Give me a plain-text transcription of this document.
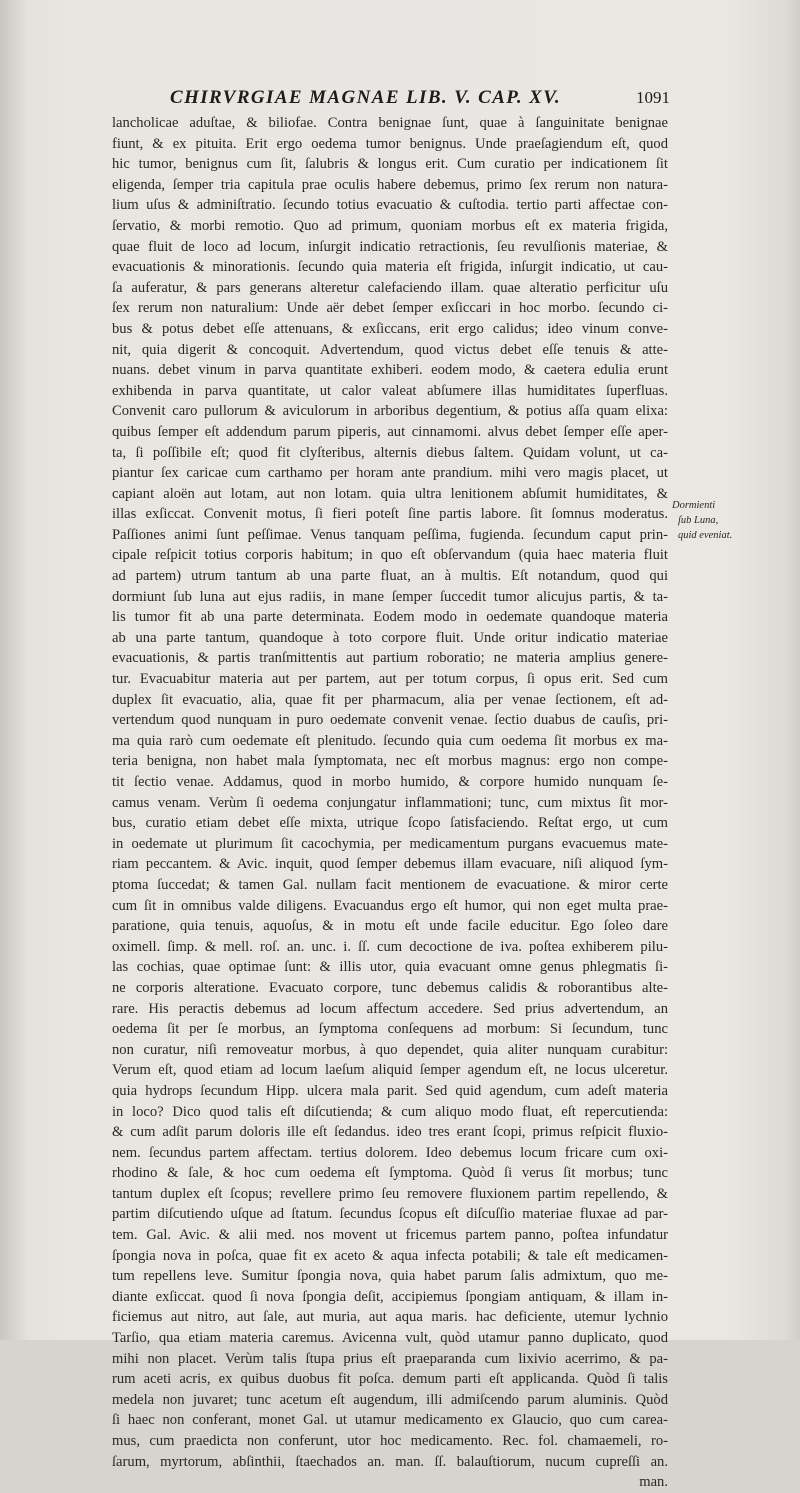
CHIRVRGIAE MAGNAE LIB. V. CAP. XV.	1091
lancholicae aduſtae, & biliofae. Contra benignae ſunt, quae à ſanguinitate benignae
fiunt, & ex pituita. Erit ergo oedema tumor benignus. Unde praeſagiendum eſt, quod
hic tumor, benignus cum ſit, ſalubris & longus erit. Cum curatio per indicationem ſit
eligenda, ſemper tria capitula prae oculis habere debemus, primo ſex rerum non natura-
lium uſus & adminiſtratio. ſecundo totius evacuatio & cuſtodia. tertio parti affectae con-
ſervatio, & morbi remotio. Quo ad primum, quoniam morbus eſt ex materia frigida,
quae fluit de loco ad locum, inſurgit indicatio retractionis, ſeu revulſionis materiae, &
evacuationis & minorationis. ſecundo quia materia eſt frigida, inſurgit indicatio, ut cau-
ſa auferatur, & pars generans alteretur calefaciendo illam. quae alteratio perficitur uſu
ſex rerum non naturalium: Unde aër debet ſemper exſiccari in hoc morbo. ſecundo ci-
bus & potus debet eſſe attenuans, & exſiccans, erit ergo calidus; ideo vinum conve-
nit, quia digerit & concoquit. Advertendum, quod victus debet eſſe tenuis & atte-
nuans. debet vinum in parva quantitate exhiberi. eodem modo, & caetera edulia erunt
exhibenda in parva quantitate, ut calor valeat abſumere illas humiditates ſuperfluas.
Convenit caro pullorum & aviculorum in arboribus degentium, & potius aſſa quam elixa:
quibus ſemper eſt addendum parum piperis, aut cinnamomi. alvus debet ſemper eſſe aper-
ta, ſi poſſibile eſt; quod fit clyſteribus, alternis diebus ſaltem. Quidam volunt, ut ca-
piantur ſex caricae cum carthamo per horam ante prandium. mihi vero magis placet, ut
capiant aloën aut lotam, aut non lotam. quia ultra lenitionem abſumit humiditates, &
illas exſiccat. Convenit motus, ſi fieri poteſt ſine partis labore. ſit ſomnus moderatus.
Paſſiones animi ſunt peſſimae. Venus tanquam peſſima, fugienda. ſecundum caput prin-
cipale reſpicit totius corporis habitum; in quo eſt obſervandum (quia haec materia fluit
ad partem) utrum tantum ab una parte fluat, an à multis. Eſt notandum, quod qui
dormiunt ſub luna aut ejus radiis, in mane ſemper ſuccedit tumor alicujus partis, & ta-
lis tumor fit ab una parte determinata. Eodem modo in oedemate quandoque materia
ab una parte tantum, quandoque à toto corpore fluit. Unde oritur indicatio materiae
evacuationis, & partis tranſmittentis aut partium roboratio; ne materia amplius genere-
tur. Evacuabitur materia aut per partem, aut per totum corpus, ſi opus erit. Sed cum
duplex ſit evacuatio, alia, quae fit per pharmacum, alia per venae ſectionem, eſt ad-
vertendum quod nunquam in puro oedemate convenit venae. ſectio duabus de cauſis, pri-
ma quia rarò cum oedemate eſt plenitudo. ſecundo quia cum oedema ſit morbus ex ma-
teria benigna, non habet mala ſymptomata, nec eſt morbus magnus: ergo non compe-
tit ſectio venae. Addamus, quod in morbo humido, & corpore humido nunquam ſe-
camus venam. Verùm ſi oedema conjungatur inflammationi; tunc, cum mixtus ſit mor-
bus, curatio etiam debet eſſe mixta, utrique ſcopo ſatisfaciendo. Reſtat ergo, ut cum
in oedemate ut plurimum ſit cacochymia, per medicamentum purgans evacuemus mate-
riam peccantem. & Avic. inquit, quod ſemper debemus illam evacuare, niſi aliquod ſym-
ptoma ſuccedat; & tamen Gal. nullam facit mentionem de evacuatione. & miror certe
cum ſit in omnibus valde diligens. Evacuandus ergo eſt humor, qui non eget multa prae-
paratione, quia tenuis, aquoſus, & in motu eſt unde facile educitur. Ego ſoleo dare
oximell. ſimp. & mell. roſ. an. unc. i. ſſ. cum decoctione de iva. poſtea exhiberem pilu-
las cochias, quae optimae ſunt: & illis utor, quia evacuant omne genus phlegmatis ſi-
ne corporis alteratione. Evacuato corpore, tunc debemus calidis & roborantibus alte-
rare. His peractis debemus ad locum affectum accedere. Sed prius advertendum, an
oedema ſit per ſe morbus, an ſymptoma conſequens ad morbum: Si ſecundum, tunc
non curatur, niſi removeatur morbus, à quo dependet, quia aliter nunquam curabitur:
Verum eſt, quod etiam ad locum laeſum aliquid ſemper agendum eſt, ne locus ulceretur.
quia hydrops ſecundum Hipp. ulcera mala parit. Sed quid agendum, cum adeſt materia
in loco? Dico quod talis eſt diſcutienda; & cum aliquo modo fluat, eſt repercutienda:
& cum adſit parum doloris ille eſt ſedandus. ideo tres erant ſcopi, primus reſpicit fluxio-
nem. ſecundus partem affectam. tertius dolorem. Ideo debemus locum fricare cum oxi-
rhodino & ſale, & hoc cum oedema eſt ſymptoma. Quòd ſi verus ſit morbus; tunc
tantum duplex eſt ſcopus; revellere primo ſeu removere fluxionem partim repellendo, &
partim diſcutiendo uſque ad ſtatum. ſecundus ſcopus eſt diſcuſſio materiae fluxae ad par-
tem. Gal. Avic. & alii med. nos movent ut fricemus partem panno, poſtea infundatur
ſpongia nova in poſca, quae fit ex aceto & aqua infecta potabili; & tale eſt medicamen-
tum repellens leve. Sumitur ſpongia nova, quia habet parum ſalis admixtum, quo me-
diante exſiccat. quod ſi nova ſpongia deſit, accipiemus ſpongiam antiquam, & illam in-
ficiemus aut nitro, aut ſale, aut muria, aut aqua maris. hac deficiente, utemur lychnio
Tarſio, qua etiam materia caremus. Avicenna vult, quòd utamur panno duplicato, quod
mihi non placet. Verùm talis ſtupa prius eſt praeparanda cum lixivio acerrimo, & pa-
rum aceti acris, ex quibus duobus fit poſca. demum parti eſt applicanda. Quòd ſi talis
medela non juvaret; tunc acetum eſt augendum, illi admiſcendo parum aluminis. Quòd
ſi haec non conferant, monet Gal. ut utamur medicamento ex Glaucio, quo cum carea-
mus, cum praedicta non conferunt, utor hoc medicamento. Rec. fol. chamaemeli, ro-
ſarum, myrtorum, abſinthii, ſtaechados an. man. ſſ. balauſtiorum, nucum cupreſſi an.
man.
Dormienti
ſub Luna,
quid eveniat.
